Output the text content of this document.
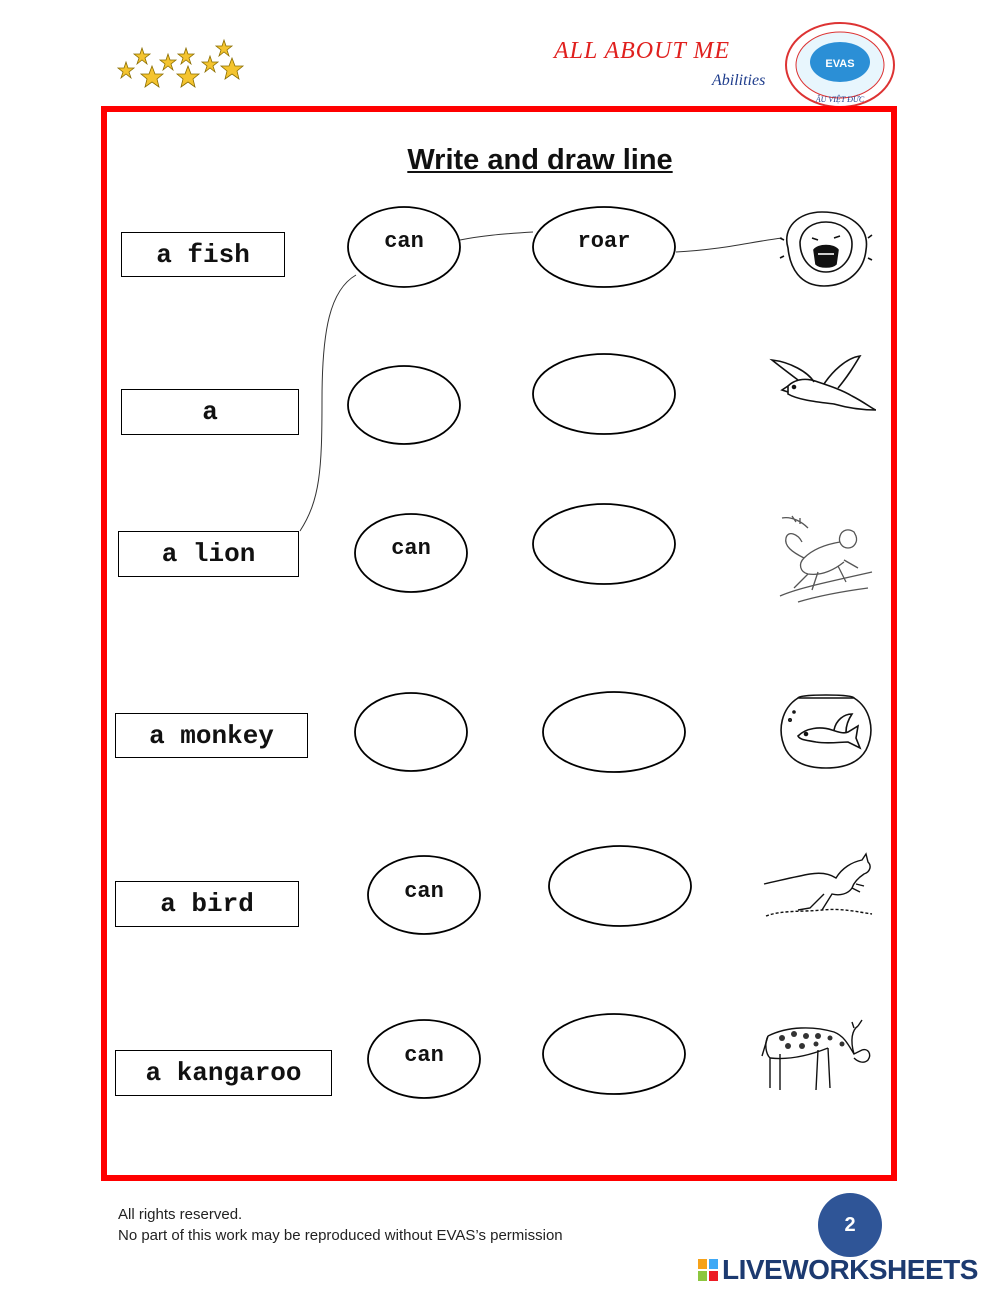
ALL ABOUT ME
Abilities
EVAS
ÂU VIỆT ĐỨC
Write and draw line
a fish
a
a lion
a monkey
a bird
a kangaroo
can	roar
can
can
can
All rights reserved.
No part of this work may be reproduced without EVAS’s permission	2
LIVEWORKSHEETS
